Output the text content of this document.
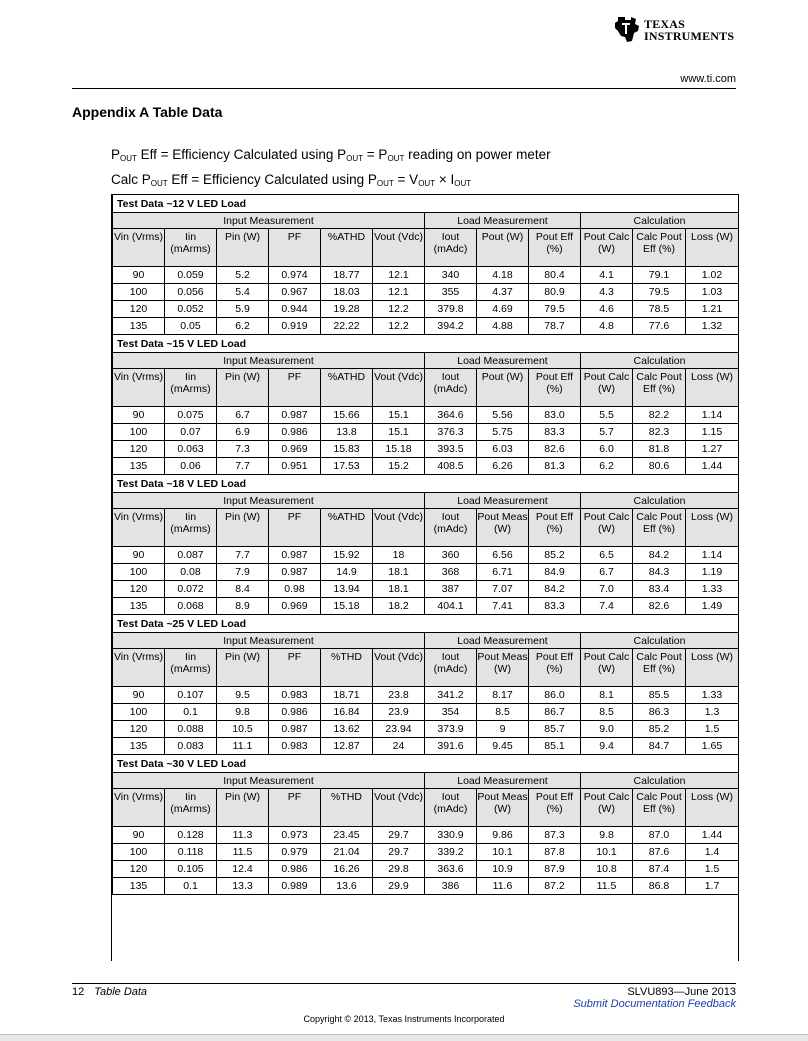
TEXAS
INSTRUMENTS
www.ti.com
Appendix A Table Data
$P_{OUT}$ Eff = Efficiency Calculated using $P_{OUT} = P_{OUT}$ reading on power meter
Calc $P_{OUT}$ Eff = Efficiency Calculated using $P_{OUT} = V_{OUT} \times I_{OUT}$
Test Data ~12 V LED Load											
Input Measurement						Load Measurement			Calculation		
Vin (Vrms)	Iin (mArms)	Pin (W)	PF	%ATHD	Vout (Vdc)	Iout (mAdc)	Pout (W)	Pout Eff (%)	Pout Calc (W)	Calc Pout Eff (%)	Loss (W)
90	0.059	5.2	0.974	18.77	12.1	340	4.18	80.4	4.1	79.1	1.02
100	0.056	5.4	0.967	18.03	12.1	355	4.37	80.9	4.3	79.5	1.03
120	0.052	5.9	0.944	19.28	12.2	379.8	4.69	79.5	4.6	78.5	1.21
135	0.05	6.2	0.919	22.22	12.2	394.2	4.88	78.7	4.8	77.6	1.32
Test Data ~15 V LED Load											
Input Measurement						Load Measurement			Calculation		
Vin (Vrms)	Iin (mArms)	Pin (W)	PF	%ATHD	Vout (Vdc)	Iout (mAdc)	Pout (W)	Pout Eff (%)	Pout Calc (W)	Calc Pout Eff (%)	Loss (W)
90	0.075	6.7	0.987	15.66	15.1	364.6	5.56	83.0	5.5	82.2	1.14
100	0.07	6.9	0.986	13.8	15.1	376.3	5.75	83.3	5.7	82.3	1.15
120	0.063	7.3	0.969	15.83	15.18	393.5	6.03	82.6	6.0	81.8	1.27
135	0.06	7.7	0.951	17.53	15.2	408.5	6.26	81.3	6.2	80.6	1.44
Test Data ~18 V LED Load											
Input Measurement						Load Measurement			Calculation		
Vin (Vrms)	Iin (mArms)	Pin (W)	PF	%ATHD	Vout (Vdc)	Iout (mAdc)	Pout Meas (W)	Pout Eff (%)	Pout Calc (W)	Calc Pout Eff (%)	Loss (W)
90	0.087	7.7	0.987	15.92	18	360	6.56	85.2	6.5	84.2	1.14
100	0.08	7.9	0.987	14.9	18.1	368	6.71	84.9	6.7	84.3	1.19
120	0.072	8.4	0.98	13.94	18.1	387	7.07	84.2	7.0	83.4	1.33
135	0.068	8.9	0.969	15.18	18.2	404.1	7.41	83.3	7.4	82.6	1.49
Test Data ~25 V LED Load											
Input Measurement						Load Measurement			Calculation		
Vin (Vrms)	Iin (mArms)	Pin (W)	PF	%THD	Vout (Vdc)	Iout (mAdc)	Pout Meas (W)	Pout Eff (%)	Pout Calc (W)	Calc Pout Eff (%)	Loss (W)
90	0.107	9.5	0.983	18.71	23.8	341.2	8.17	86.0	8.1	85.5	1.33
100	0.1	9.8	0.986	16.84	23.9	354	8.5	86.7	8.5	86.3	1.3
120	0.088	10.5	0.987	13.62	23.94	373.9	9	85.7	9.0	85.2	1.5
135	0.083	11.1	0.983	12.87	24	391.6	9.45	85.1	9.4	84.7	1.65
Test Data ~30 V LED Load											
Input Measurement						Load Measurement			Calculation		
Vin (Vrms)	Iin (mArms)	Pin (W)	PF	%THD	Vout (Vdc)	Iout (mAdc)	Pout Meas (W)	Pout Eff (%)	Pout Calc (W)	Calc Pout Eff (%)	Loss (W)
90	0.128	11.3	0.973	23.45	29.7	330.9	9.86	87.3	9.8	87.0	1.44
100	0.118	11.5	0.979	21.04	29.7	339.2	10.1	87.8	10.1	87.6	1.4
120	0.105	12.4	0.986	16.26	29.8	363.6	10.9	87.9	10.8	87.4	1.5
135	0.1	13.3	0.989	13.6	29.9	386	11.6	87.2	11.5	86.8	1.7
12 Table Data	SLVU893—June 2013
Submit Documentation Feedback
Copyright © 2013, Texas Instruments Incorporated
